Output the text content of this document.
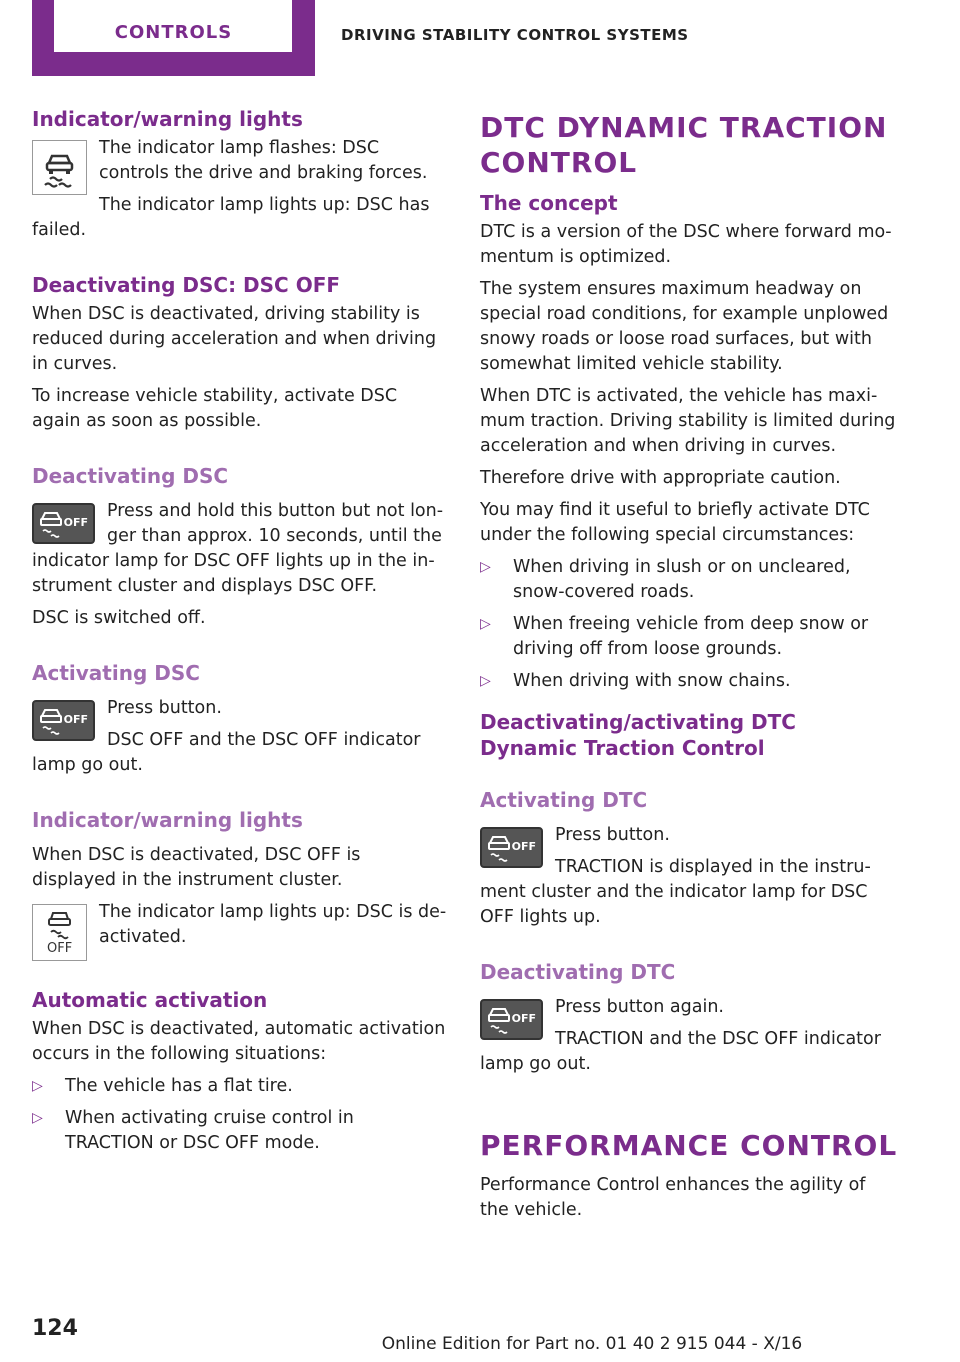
CONTROLS	DRIVING STABILITY CONTROL SYSTEMS
Indicator/warning lights

The indicator lamp flashes: DSC controls the drive and braking forces.

The indicator lamp lights up: DSC has failed.

Deactivating DSC: DSC OFF

When DSC is deactivated, driving stability is reduced during acceleration and when driving in curves.

To increase vehicle stability, activate DSC again as soon as possible.

Deactivating DSC
OFF

Press and hold this button but not longer than approx. 10 seconds, until the indicator lamp for DSC OFF lights up in the instrument cluster and displays DSC OFF.

DSC is switched off.

Activating DSC
OFF

Press button.

DSC OFF and the DSC OFF indicator lamp go out.

Indicator/warning lights

When DSC is deactivated, DSC OFF is displayed in the instrument cluster.

OFF

The indicator lamp lights up: DSC is deactivated.

Automatic activation

When DSC is deactivated, automatic activation occurs in the following situations:

▷ The vehicle has a flat tire.
▷ When activating cruise control in TRACTION or DSC OFF mode.
DTC DYNAMIC TRACTION CONTROL
The concept

DTC is a version of the DSC where forward momentum is optimized.

The system ensures maximum headway on special road conditions, for example unplowed snowy roads or loose road surfaces, but with somewhat limited vehicle stability.

When DTC is activated, the vehicle has maximum traction. Driving stability is limited during acceleration and when driving in curves.

Therefore drive with appropriate caution.

You may find it useful to briefly activate DTC under the following special circumstances:

▷ When driving in slush or on uncleared, snow-covered roads.
▷ When freeing vehicle from deep snow or driving off from loose grounds.
▷ When driving with snow chains.
Deactivating/activating DTC Dynamic Traction Control
Activating DTC
OFF

Press button.

TRACTION is displayed in the instrument cluster and the indicator lamp for DSC OFF lights up.

Deactivating DTC
OFF

Press button again.

TRACTION and the DSC OFF indicator lamp go out.

PERFORMANCE CONTROL

Performance Control enhances the agility of the vehicle.

124
Online Edition for Part no. 01 40 2 915 044 - X/16
